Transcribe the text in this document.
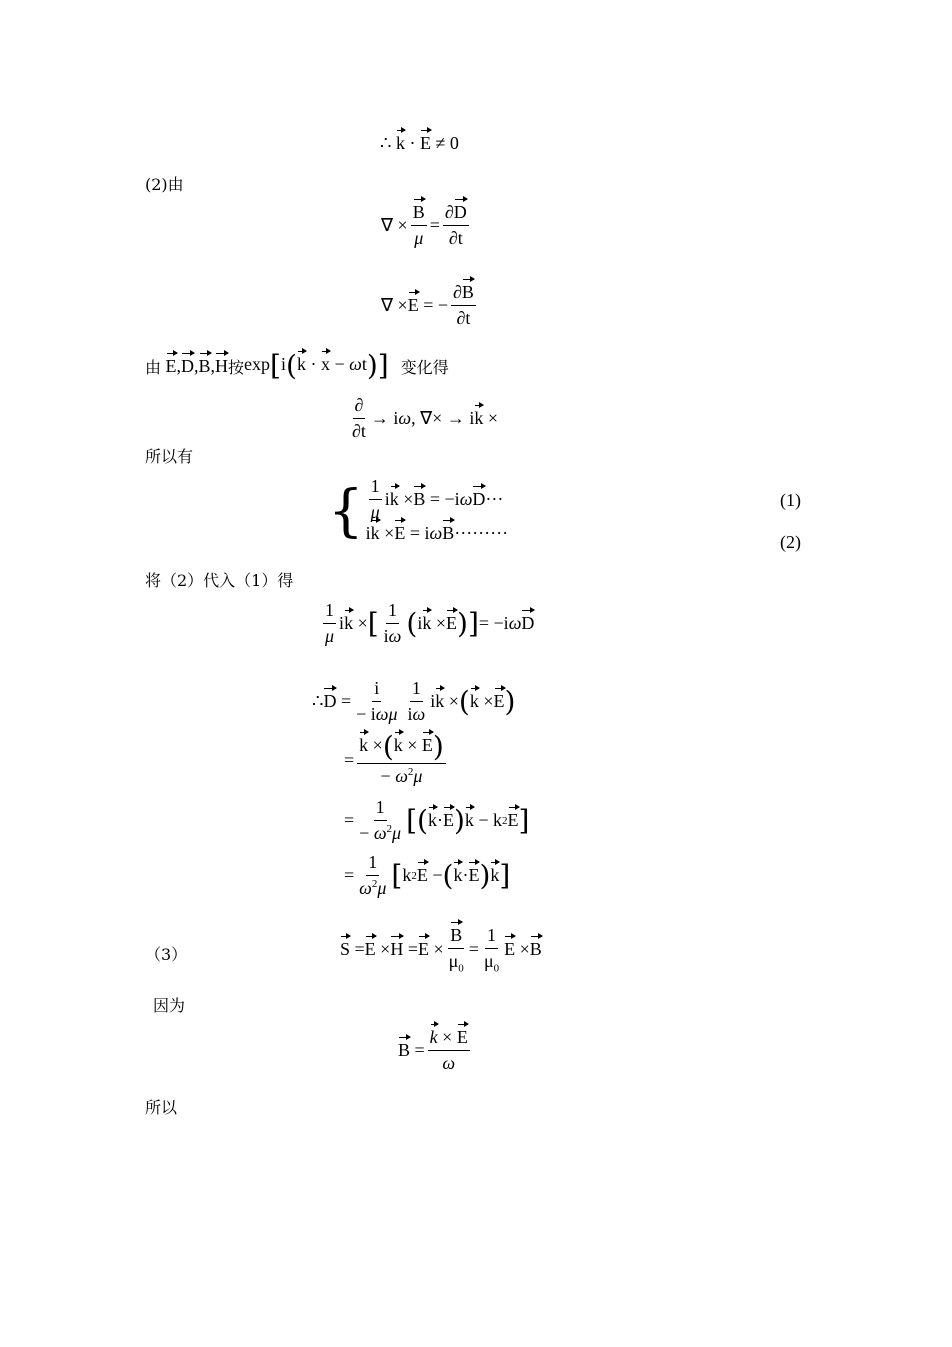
∴ k · E ≠ 0
(2)由
∇ × $\frac{B}{\mu} = \frac{\partial D}{\partial t}$
∇ × E = − $\frac{\partial B}{\partial t}$
由 E,D,B,H 按 exp[i(k · x − ωt)] 变化得
$\frac{\partial}{\partial t} \to i$ ω , ∇× → i k ×
所以有
{ $\frac{1}{\mu}$ i k × B = −i ω D ···
i k × E = i ω B ·········
(1)
(2)
将（2）代入（1）得
$\frac{1}{\mu}$ i k × [ $\frac{1}{i\omega}$ ( i k × E ) ] = −i ω D
∴ $D = \frac{i}{\text{− iωμ}} \frac{1}{i\omega}$ i k × ( k × E )
= $\frac{k \times(k \times E)}{- \omega^2\mu}$
= $\frac{1}{- \omega^2\mu}$ [ ( k · E ) k − k 2 E ]
= $\frac{1}{\omega^2\mu}$ [ k 2 E − ( k · E ) k ]
（3）	$S = E \times H = E \times \frac{B}{\mu_0} = \frac{1}{\mu_0}$ E × B
因为
$B = \frac{k \times E}{\omega}$
所以
